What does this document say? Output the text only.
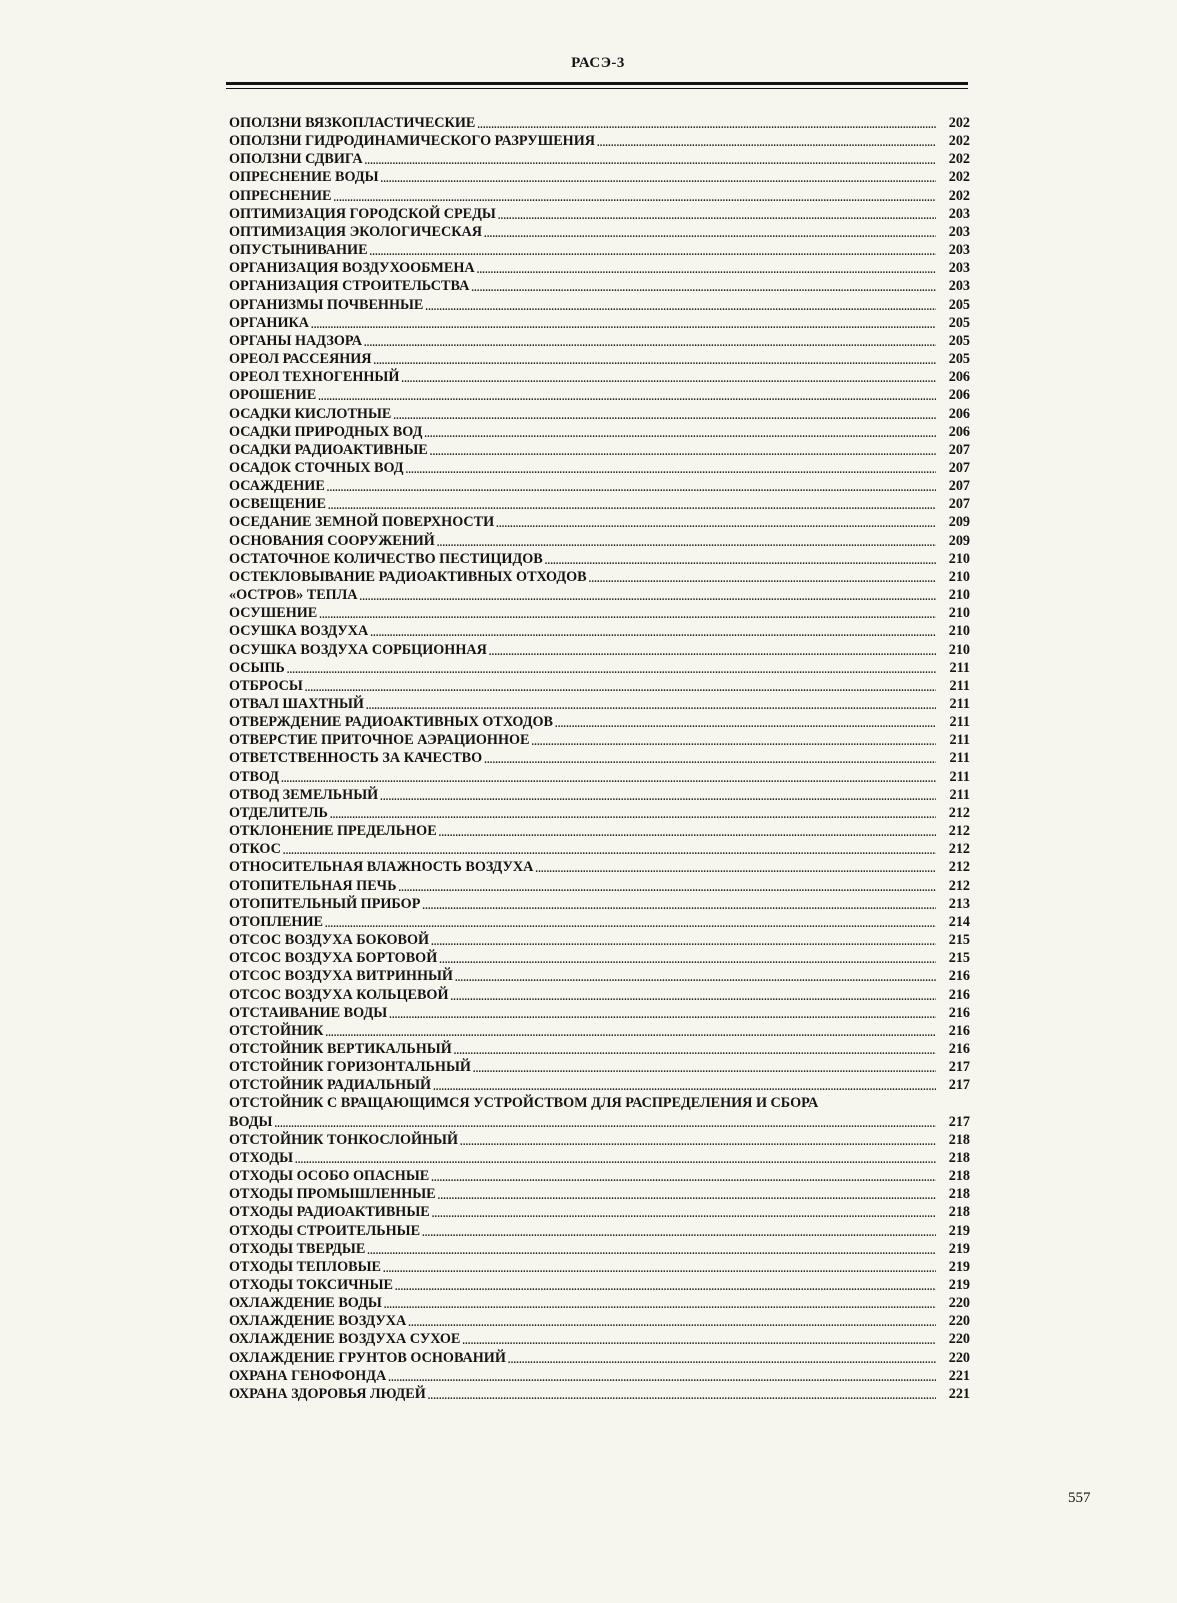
РАСЭ-3
ОПОЛЗНИ ВЯЗКОПЛАСТИЧЕСКИЕ .....	202
ОПОЛЗНИ ГИДРОДИНАМИЧЕСКОГО РАЗРУШЕНИЯ .....	202
ОПОЛЗНИ СДВИГА .....	202
ОПРЕСНЕНИЕ ВОДЫ .....	202
ОПРЕСНЕНИЕ .....	202
ОПТИМИЗАЦИЯ ГОРОДСКОЙ СРЕДЫ .....	203
ОПТИМИЗАЦИЯ ЭКОЛОГИЧЕСКАЯ .....	203
ОПУСТЫНИВАНИЕ .....	203
ОРГАНИЗАЦИЯ ВОЗДУХООБМЕНА .....	203
ОРГАНИЗАЦИЯ СТРОИТЕЛЬСТВА .....	203
ОРГАНИЗМЫ ПОЧВЕННЫЕ .....	205
ОРГАНИКА .....	205
ОРГАНЫ НАДЗОРА .....	205
ОРЕОЛ РАССЕЯНИЯ .....	205
ОРЕОЛ ТЕХНОГЕННЫЙ .....	206
ОРОШЕНИЕ .....	206
ОСАДКИ КИСЛОТНЫЕ .....	206
ОСАДКИ ПРИРОДНЫХ ВОД .....	206
ОСАДКИ РАДИОАКТИВНЫЕ .....	207
ОСАДОК СТОЧНЫХ ВОД .....	207
ОСАЖДЕНИЕ .....	207
ОСВЕЩЕНИЕ .....	207
ОСЕДАНИЕ ЗЕМНОЙ ПОВЕРХНОСТИ .....	209
ОСНОВАНИЯ СООРУЖЕНИЙ .....	209
ОСТАТОЧНОЕ КОЛИЧЕСТВО ПЕСТИЦИДОВ .....	210
ОСТЕКЛОВЫВАНИЕ РАДИОАКТИВНЫХ ОТХОДОВ .....	210
«ОСТРОВ» ТЕПЛА .....	210
ОСУШЕНИЕ .....	210
ОСУШКА ВОЗДУХА .....	210
ОСУШКА ВОЗДУХА СОРБЦИОННАЯ .....	210
ОСЫПЬ .....	211
ОТБРОСЫ .....	211
ОТВАЛ ШАХТНЫЙ .....	211
ОТВЕРЖДЕНИЕ РАДИОАКТИВНЫХ ОТХОДОВ .....	211
ОТВЕРСТИЕ ПРИТОЧНОЕ АЭРАЦИОННОЕ .....	211
ОТВЕТСТВЕННОСТЬ ЗА КАЧЕСТВО .....	211
ОТВОД .....	211
ОТВОД ЗЕМЕЛЬНЫЙ .....	211
ОТДЕЛИТЕЛЬ .....	212
ОТКЛОНЕНИЕ ПРЕДЕЛЬНОЕ .....	212
ОТКОС .....	212
ОТНОСИТЕЛЬНАЯ ВЛАЖНОСТЬ ВОЗДУХА .....	212
ОТОПИТЕЛЬНАЯ ПЕЧЬ .....	212
ОТОПИТЕЛЬНЫЙ ПРИБОР .....	213
ОТОПЛЕНИЕ .....	214
ОТСОС ВОЗДУХА БОКОВОЙ .....	215
ОТСОС ВОЗДУХА БОРТОВОЙ .....	215
ОТСОС ВОЗДУХА ВИТРИННЫЙ .....	216
ОТСОС ВОЗДУХА КОЛЬЦЕВОЙ .....	216
ОТСТАИВАНИЕ ВОДЫ .....	216
ОТСТОЙНИК .....	216
ОТСТОЙНИК ВЕРТИКАЛЬНЫЙ .....	216
ОТСТОЙНИК ГОРИЗОНТАЛЬНЫЙ .....	217
ОТСТОЙНИК РАДИАЛЬНЫЙ .....	217
ОТСТОЙНИК С ВРАЩАЮЩИМСЯ УСТРОЙСТВОМ ДЛЯ РАСПРЕДЕЛЕНИЯ И СБОРА
ВОДЫ .....	217
ОТСТОЙНИК ТОНКОСЛОЙНЫЙ .....	218
ОТХОДЫ .....	218
ОТХОДЫ ОСОБО ОПАСНЫЕ .....	218
ОТХОДЫ ПРОМЫШЛЕННЫЕ .....	218
ОТХОДЫ РАДИОАКТИВНЫЕ .....	218
ОТХОДЫ СТРОИТЕЛЬНЫЕ .....	219
ОТХОДЫ ТВЕРДЫЕ .....	219
ОТХОДЫ ТЕПЛОВЫЕ .....	219
ОТХОДЫ ТОКСИЧНЫЕ .....	219
ОХЛАЖДЕНИЕ ВОДЫ .....	220
ОХЛАЖДЕНИЕ ВОЗДУХА .....	220
ОХЛАЖДЕНИЕ ВОЗДУХА СУХОЕ .....	220
ОХЛАЖДЕНИЕ ГРУНТОВ ОСНОВАНИЙ .....	220
ОХРАНА ГЕНОФОНДА .....	221
ОХРАНА ЗДОРОВЬЯ ЛЮДЕЙ .....	221
557
